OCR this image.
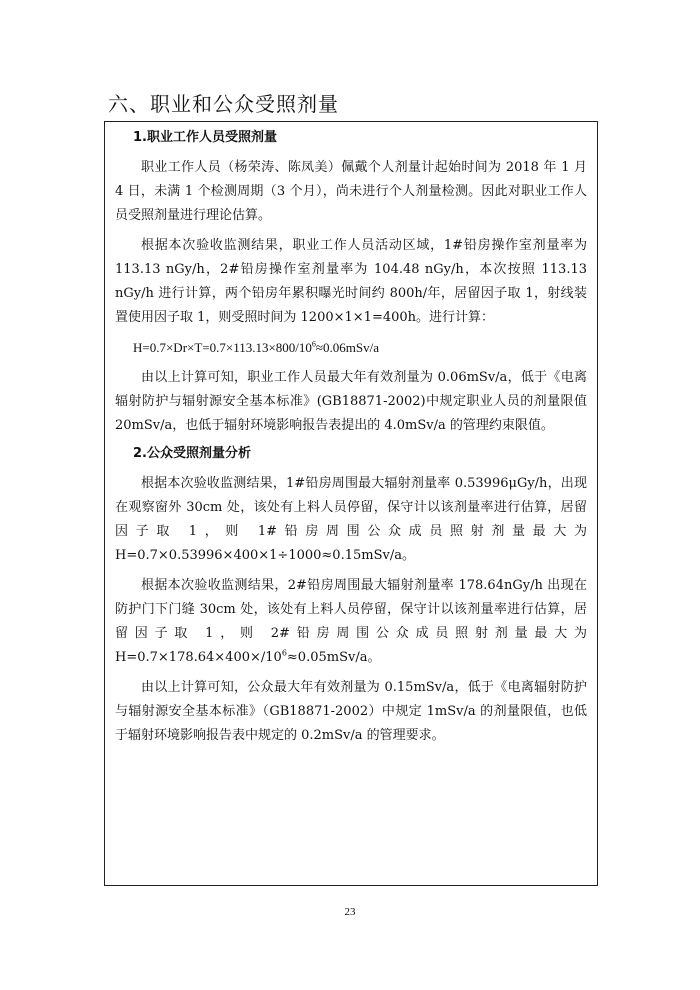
六、职业和公众受照剂量
1.职业工作人员受照剂量

职业工作人员（杨荣涛、陈凤美）佩戴个人剂量计起始时间为 2018 年 1 月 4 日，未满 1 个检测周期（3 个月），尚未进行个人剂量检测。因此对职业工作人员受照剂量进行理论估算。

根据本次验收监测结果，职业工作人员活动区域，1#铅房操作室剂量率为 113.13 nGy/h，2#铅房操作室剂量率为 104.48 nGy/h，本次按照 113.13 nGy/h 进行计算，两个铅房年累积曝光时间约 800h/年，居留因子取 1，射线装置使用因子取 1，则受照时间为 1200×1×1=400h。进行计算：

$H=0.7\times Dr\times T=0.7\times 113.13\times 800/10^6\approx 0.06mSv/a$

由以上计算可知，职业工作人员最大年有效剂量为 0.06mSv/a，低于《电离辐射防护与辐射源安全基本标准》(GB18871-2002)中规定职业人员的剂量限值 20mSv/a，也低于辐射环境影响报告表提出的 4.0mSv/a 的管理约束限值。

2.公众受照剂量分析

根据本次验收监测结果，1#铅房周围最大辐射剂量率 0.53996μGy/h，出现在观察窗外 30cm 处，该处有上料人员停留，保守计以该剂量率进行估算，居留因子取 1，则 1#铅房周围公众成员照射剂量最大为 H=0.7×0.53996×400×1÷1000≈0.15mSv/a。

根据本次验收监测结果，2#铅房周围最大辐射剂量率 178.64nGy/h 出现在防护门下门缝 30cm 处，该处有上料人员停留，保守计以该剂量率进行估算，居留因子取 1，则 2#铅房周围公众成员照射剂量最大为 $H=0.7\times 178.64\times 400\times/10^6\approx 0.05mSv/a$。

由以上计算可知，公众最大年有效剂量为 0.15mSv/a，低于《电离辐射防护与辐射源安全基本标准》（GB18871-2002）中规定 1mSv/a 的剂量限值，也低于辐射环境影响报告表中规定的 0.2mSv/a 的管理要求。

23
